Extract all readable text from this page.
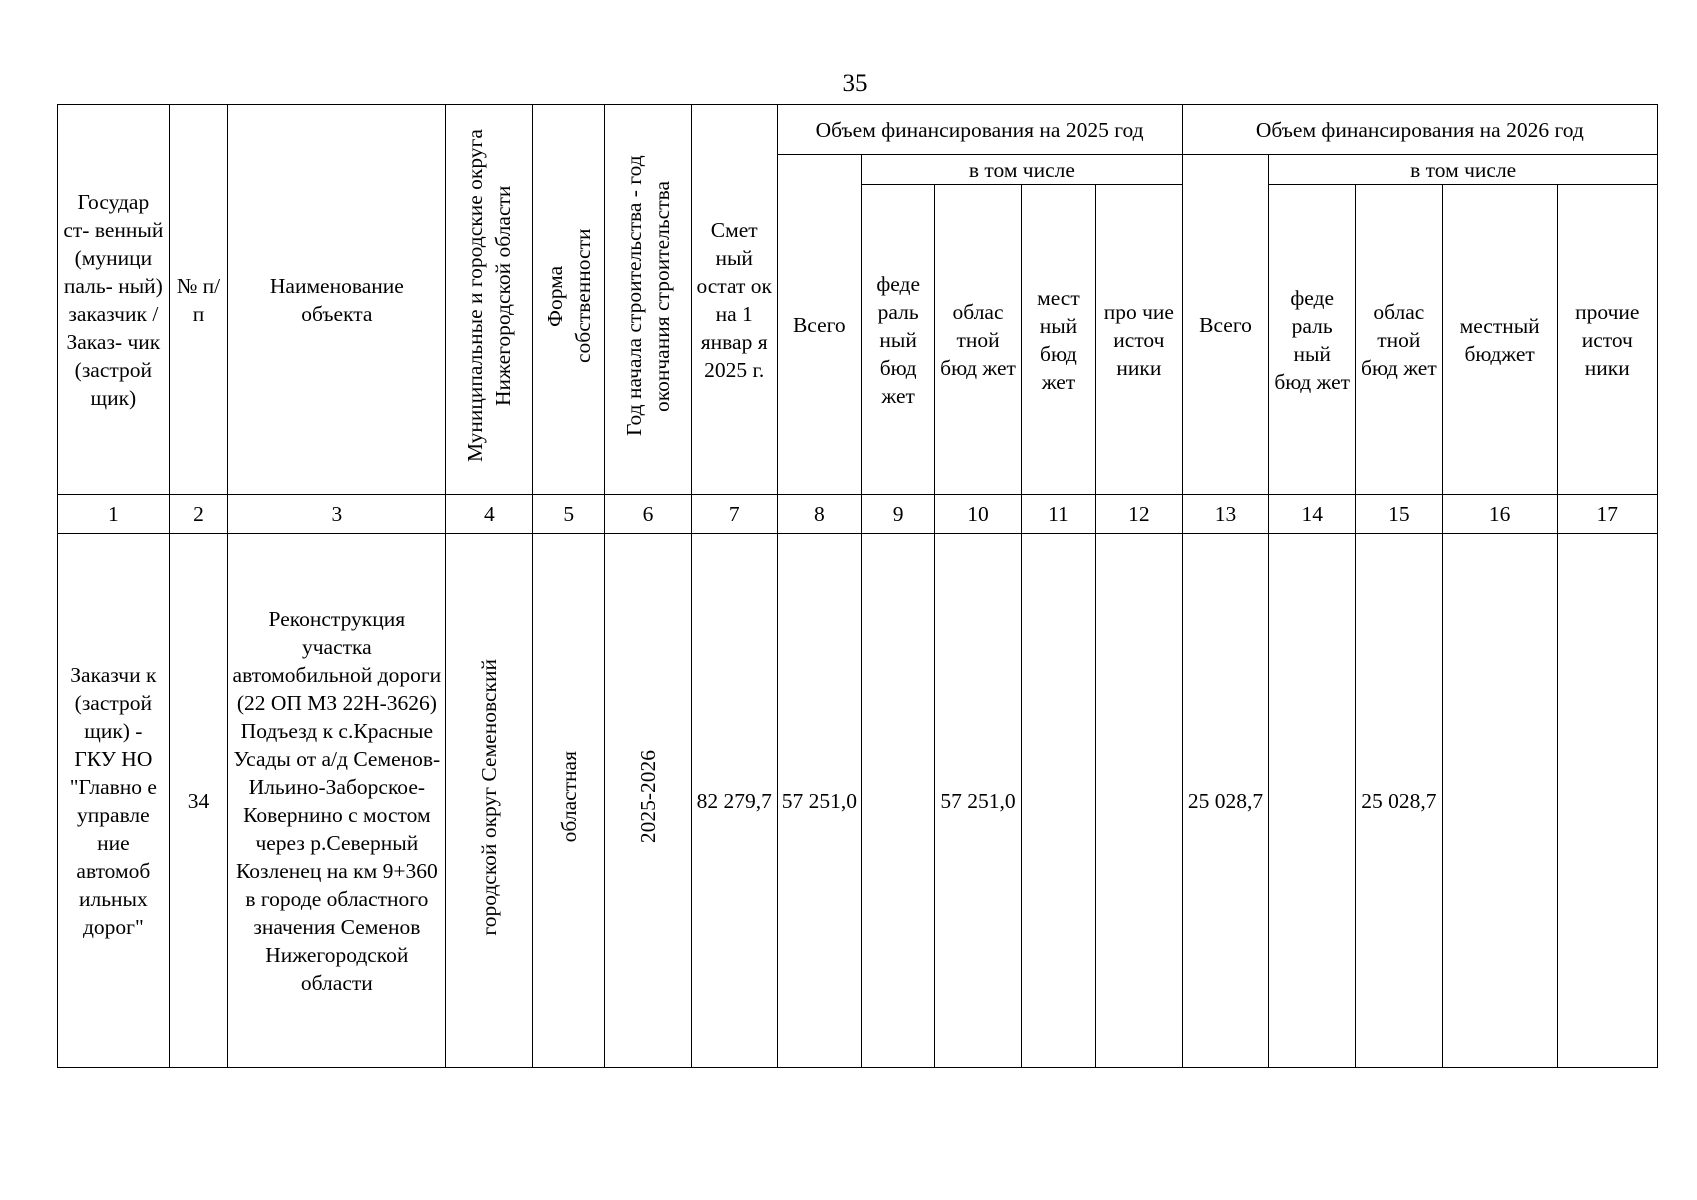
35
Государ ст- венный (муници паль- ный) заказчик / Заказ- чик (застрой щик)	№ п/п	Наименование объекта	Муниципальные и городские округа Нижегородской области	Форма собственности	Год начала строительства - год окончания строительства	Смет ный остат ок на 1 январ я 2025 г.	Объем финансирования на 2025 год					Объем финансирования на 2026 год				
							Всего	в том числе				Всего	в том числе			
								феде раль ный бюд жет	облас тной бюд жет	мест ный бюд жет	про чие источ ники		феде раль ный бюд жет	облас тной бюд жет	местный бюджет	прочие источ ники
1	2	3	4	5	6	7	8	9	10	11	12	13	14	15	16	17
Заказчи к (застрой щик) - ГКУ НО "Главно е управле ние автомоб ильных дорог"	34	Реконструкция участка автомобильной дороги (22 ОП МЗ 22Н-3626) Подъезд к с.Красные Усады от а/д Семенов-Ильино-Заборское-Ковернино с мостом через р.Северный Козленец на км 9+360 в городе областного значения Семенов Нижегородской области	городской округ Семеновский	областная	2025-2026	82 279,7	57 251,0		57 251,0			25 028,7		25 028,7		
